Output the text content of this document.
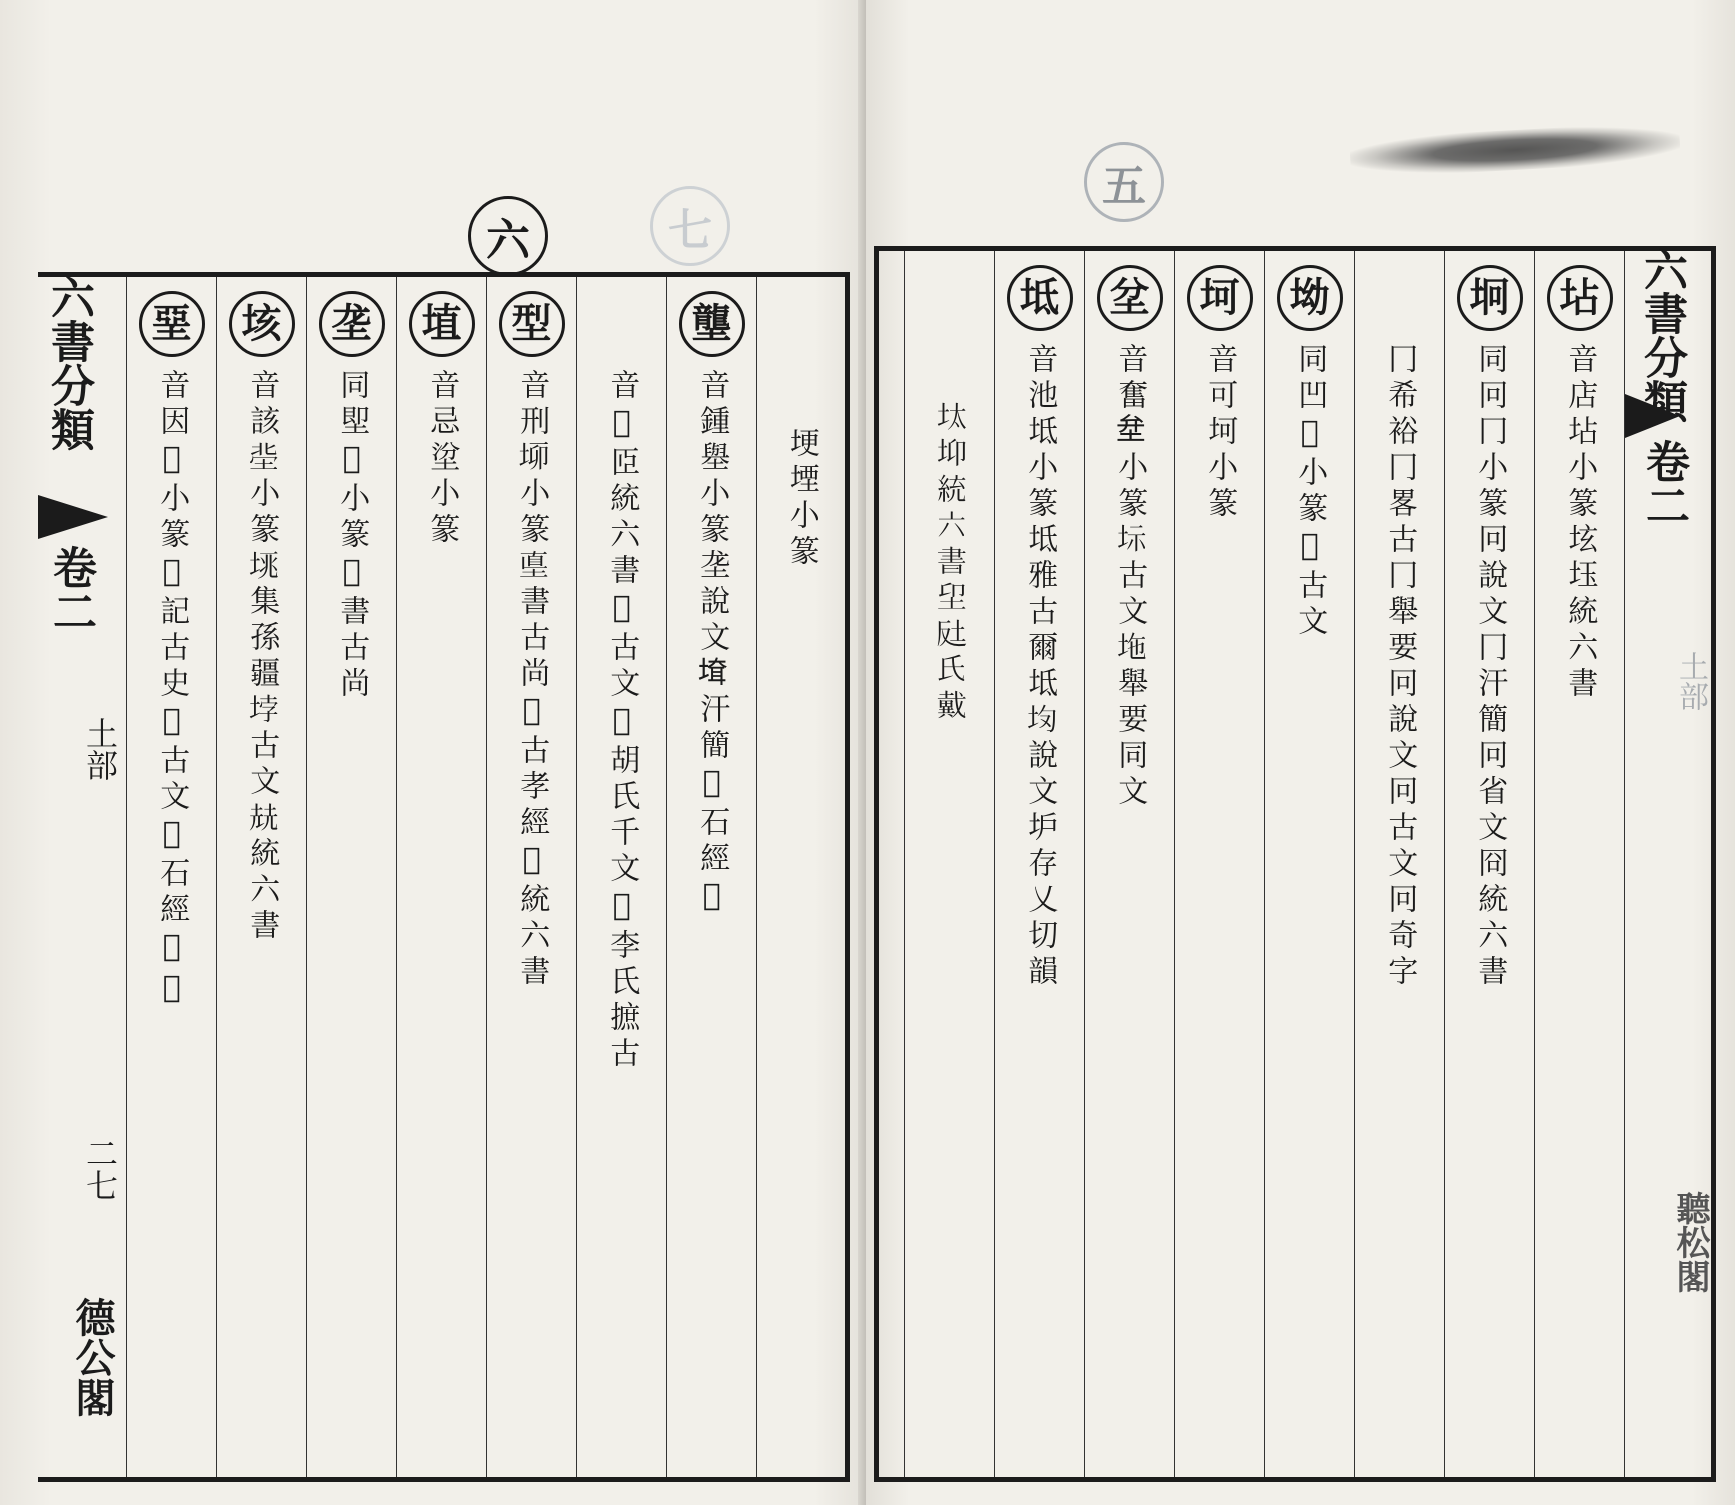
六	七
埂堙小篆
壟
音鍾𡒊小篆垄說文𡍲汗簡𡏞石經𡑡
音𢉲𦣝統六書𡒍古文𡒃胡氏千文𡒄李氏摭古
型
音刑𡋫小篆𡌴書古尚𡌵古孝經𡌷統六書
埴
音忌𡌂小篆
垄
同堲𡍿小篆𡍾書古尚
垓
音該𡋭小篆𡋮集孫疆𡋯古文𡋰統六書
堊
音因𡐊小篆𡐋記古史𡐌古文𡐍石經𡐎𡐏
六書分類
卷二
土部
二七
德公閣
五
六書分類
卷二
土部
聽松閣
坫
音店坫小篆𡊨𡊩統六書
坰
同冋冂小篆冋說文冂汗簡冋省文冏統六書
冂希裕冂畧古冂舉要冋說文冋古文冋奇字
坳
同凹𡋉小篆𡋊古文
坷
音可坷小篆
坌
音奮𡊅小篆𡊆古文𡊇舉要同文
坻
音池坻小篆坻雅古爾坻𡉳說文𡉴存乂切韻
𡊀𡊁統六書𡊂𡊃氏戴
